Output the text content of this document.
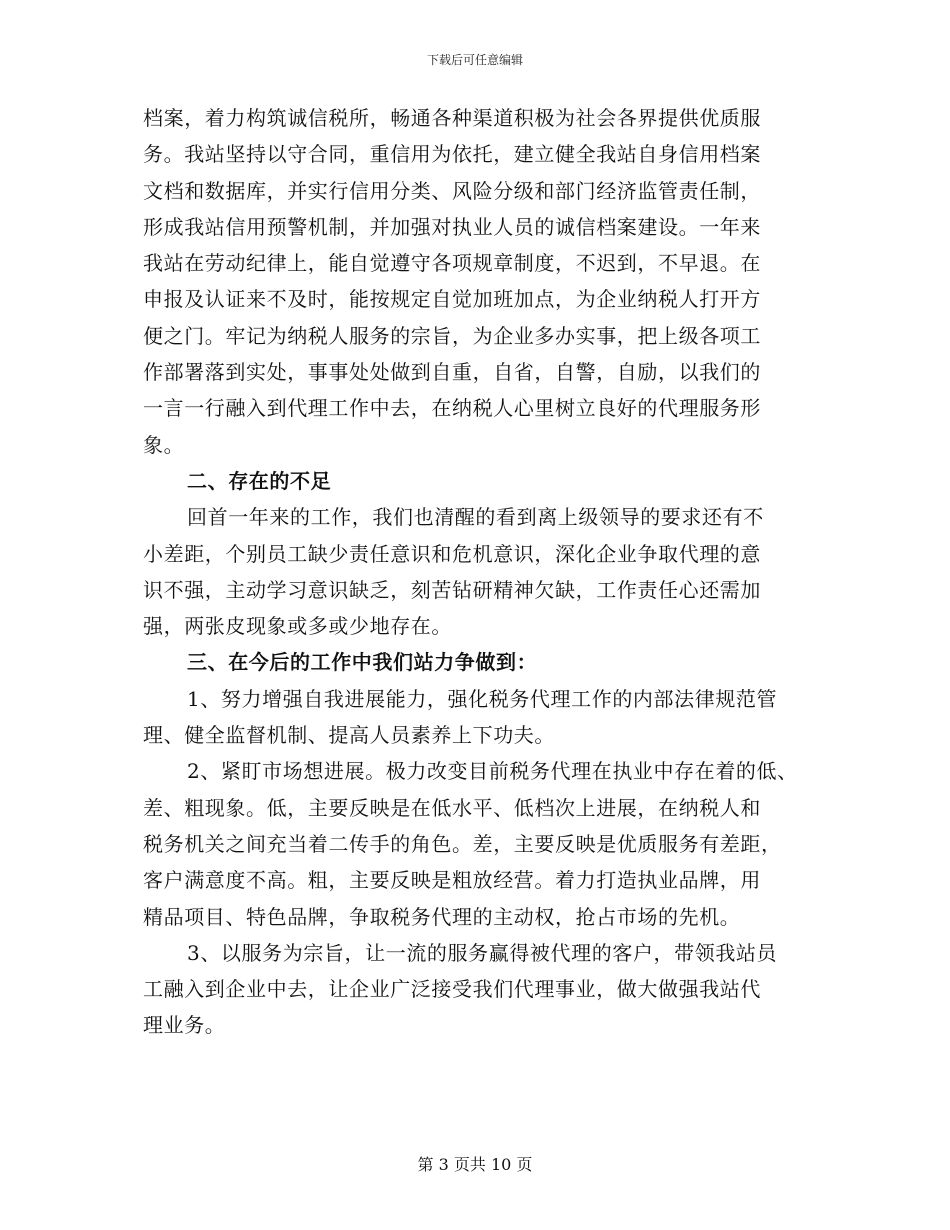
下载后可任意编辑
档案，着力构筑诚信税所，畅通各种渠道积极为社会各界提供优质服
务。我站坚持以守合同，重信用为依托，建立健全我站自身信用档案
文档和数据库，并实行信用分类、风险分级和部门经济监管责任制，
形成我站信用预警机制，并加强对执业人员的诚信档案建设。一年来
我站在劳动纪律上，能自觉遵守各项规章制度，不迟到，不早退。在
申报及认证来不及时，能按规定自觉加班加点，为企业纳税人打开方
便之门。牢记为纳税人服务的宗旨，为企业多办实事，把上级各项工
作部署落到实处，事事处处做到自重，自省，自警，自励，以我们的
一言一行融入到代理工作中去，在纳税人心里树立良好的代理服务形
象。
二、存在的不足
回首一年来的工作，我们也清醒的看到离上级领导的要求还有不
小差距，个别员工缺少责任意识和危机意识，深化企业争取代理的意
识不强，主动学习意识缺乏，刻苦钻研精神欠缺，工作责任心还需加
强，两张皮现象或多或少地存在。
三、在今后的工作中我们站力争做到：
1、努力增强自我进展能力，强化税务代理工作的内部法律规范管
理、健全监督机制、提高人员素养上下功夫。
2、紧盯市场想进展。极力改变目前税务代理在执业中存在着的低、
差、粗现象。低，主要反映是在低水平、低档次上进展，在纳税人和
税务机关之间充当着二传手的角色。差，主要反映是优质服务有差距，
客户满意度不高。粗，主要反映是粗放经营。着力打造执业品牌，用
精品项目、特色品牌，争取税务代理的主动权，抢占市场的先机。
3、以服务为宗旨，让一流的服务赢得被代理的客户，带领我站员
工融入到企业中去，让企业广泛接受我们代理事业，做大做强我站代
理业务。
第 3 页共 10 页
